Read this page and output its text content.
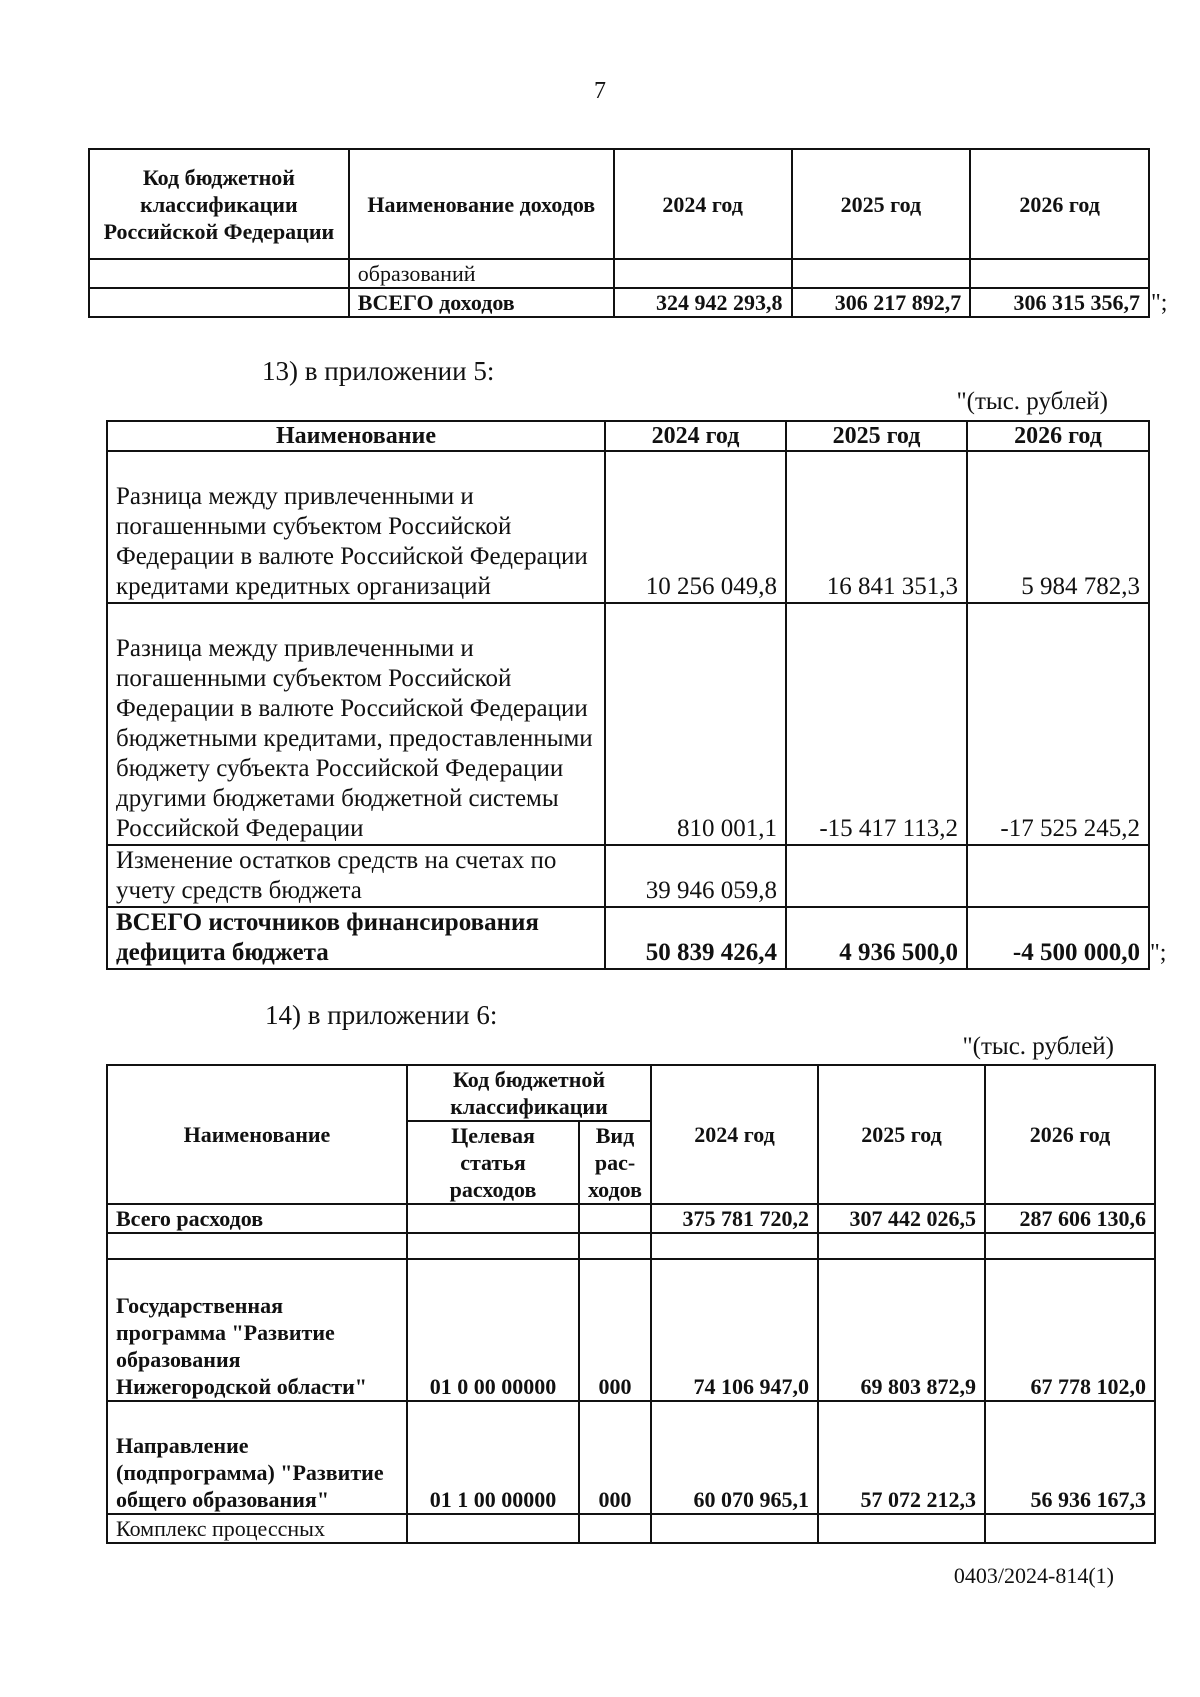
7
Код бюджетной классификации Российской Федерации	Наименование доходов	2024 год	2025 год	2026 год
	образований			
	ВСЕГО доходов	324 942 293,8	306 217 892,7	306 315 356,7 ";
13) в приложении 5:
"(тыс. рублей)
Наименование	2024 год	2025 год	2026 год
Разница между привлеченными и погашенными субъектом Российской Федерации в валюте Российской Федерации кредитами кредитных организаций	10 256 049,8	16 841 351,3	5 984 782,3
Разница между привлеченными и погашенными субъектом Российской Федерации в валюте Российской Федерации бюджетными кредитами, предоставленными бюджету субъекта Российской Федерации другими бюджетами бюджетной системы Российской Федерации	810 001,1	-15 417 113,2	-17 525 245,2
Изменение остатков средств на счетах по учету средств бюджета	39 946 059,8		
ВСЕГО источников финансирования дефицита бюджета	50 839 426,4	4 936 500,0	-4 500 000,0 ";
14) в приложении 6:
"(тыс. рублей)
Наименование	Код бюджетной классификации		2024 год	2025 год	2026 год
	Целевая статья расходов	Вид рас-ходов			
Всего расходов			375 781 720,2	307 442 026,5	287 606 130,6

Государственная программа "Развитие образования Нижегородской области"	01 0 00 00000	000	74 106 947,0	69 803 872,9	67 778 102,0
Направление (подпрограмма) "Развитие общего образования"	01 1 00 00000	000	60 070 965,1	57 072 212,3	56 936 167,3
Комплекс процессных					
0403/2024-814(1)
